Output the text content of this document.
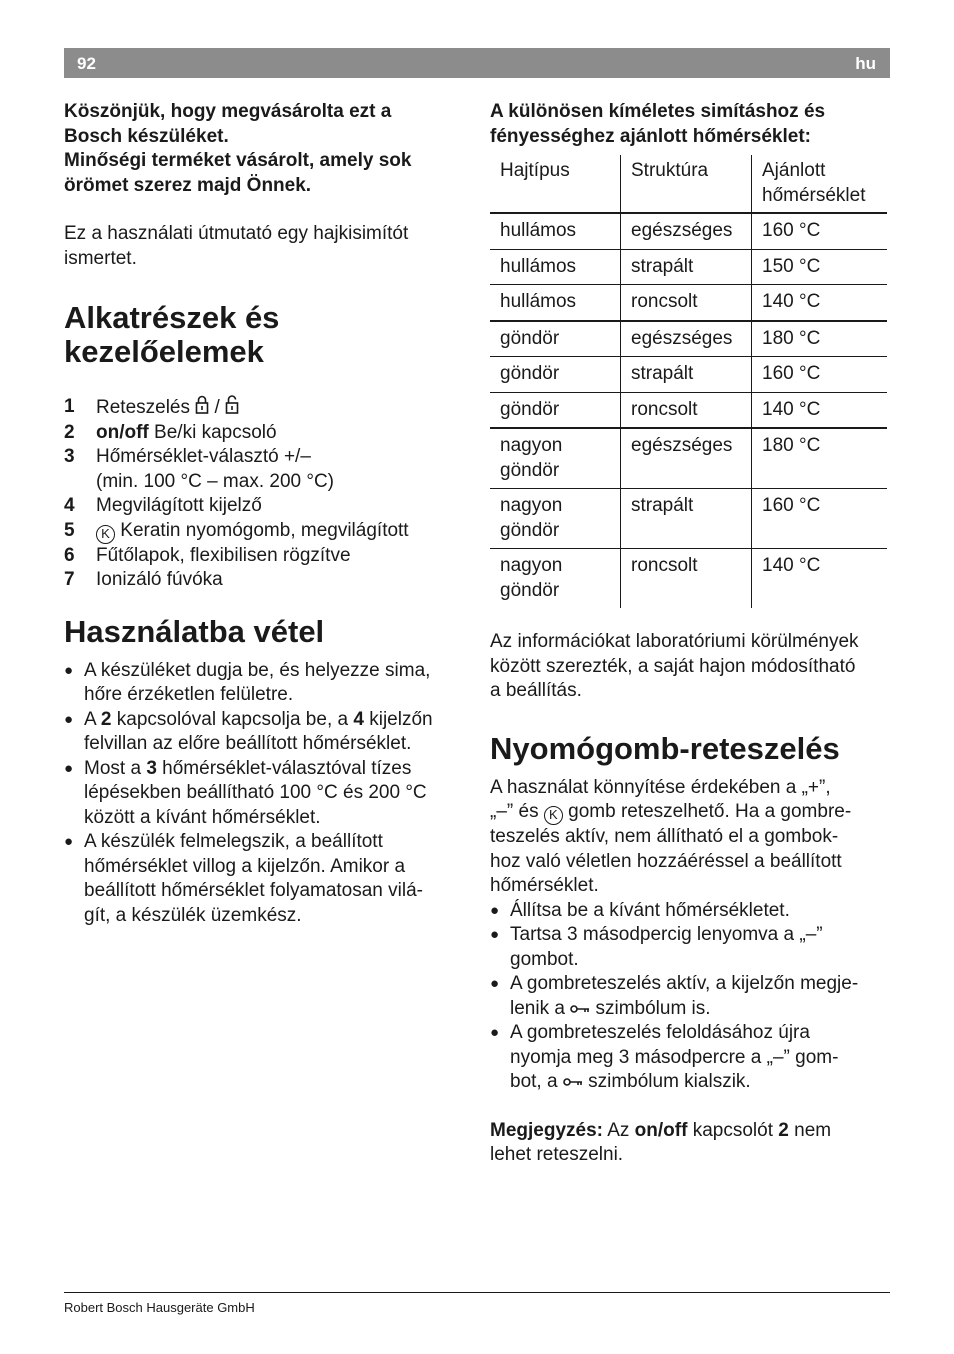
92	hu

Köszönjük, hogy megvásárolta ezt a
Bosch készüléket.
Minőségi terméket vásárolt, amely sok
örömet szerez majd Önnek.

Ez a használati útmutató egy hajkisimítót
ismertet.

Alkatrészek és
kezelőelemek
1	Reteszelés  /
2	on/off Be/ki kapcsoló
3	Hőmérséklet-választó +/–
(min. 100 °C – max. 200 °C)
4	Megvilágított kijelző
5	K Keratin nyomógomb, megvilágított
6	Fűtőlapok, flexibilisen rögzítve
7	Ionizáló fúvóka
Használatba vétel
● A készüléket dugja be, és helyezze sima,
hőre érzéketlen felületre.
● A 2 kapcsolóval kapcsolja be, a 4 kijelzőn
felvillan az előre beállított hőmérséklet.
● Most a 3 hőmérséklet-választóval tízes
lépésekben beállítható 100 °C és 200 °C
között a kívánt hőmérséklet.
● A készülék felmelegszik, a beállított
hőmérséklet villog a kijelzőn. Amikor a
beállított hőmérséklet folyamatosan vilá-
gít, a készülék üzemkész.

A különösen kíméletes simításhoz és
fényességhez ajánlott hőmérséklet:

Hajtípus	Struktúra	Ajánlott
hőmérséklet
hullámos	egészséges	160 °C
hullámos	strapált	150 °C
hullámos	roncsolt	140 °C
göndör	egészséges	180 °C
göndör	strapált	160 °C
göndör	roncsolt	140 °C
nagyon
göndör	egészséges	180 °C
nagyon
göndör	strapált	160 °C
nagyon
göndör	roncsolt	140 °C

Az információkat laboratóriumi körülmények
között szerezték, a saját hajon módosítható
a beállítás.

Nyomógomb-reteszelés

A használat könnyítése érdekében a „+”,
„–” és K gomb reteszelhető. Ha a gombre-
teszelés aktív, nem állítható el a gombok-
hoz való véletlen hozzáéréssel a beállított
hőmérséklet.

● Állítsa be a kívánt hőmérsékletet.
● Tartsa 3 másodpercig lenyomva a „–”
gombot.
● A gombreteszelés aktív, a kijelzőn megje-
lenik a  szimbólum is.
● A gombreteszelés feloldásához újra
nyomja meg 3 másodpercre a „–” gom-
bot, a  szimbólum kialszik.

Megjegyzés: Az on/off kapcsolót 2 nem
lehet reteszelni.

Robert Bosch Hausgeräte GmbH
